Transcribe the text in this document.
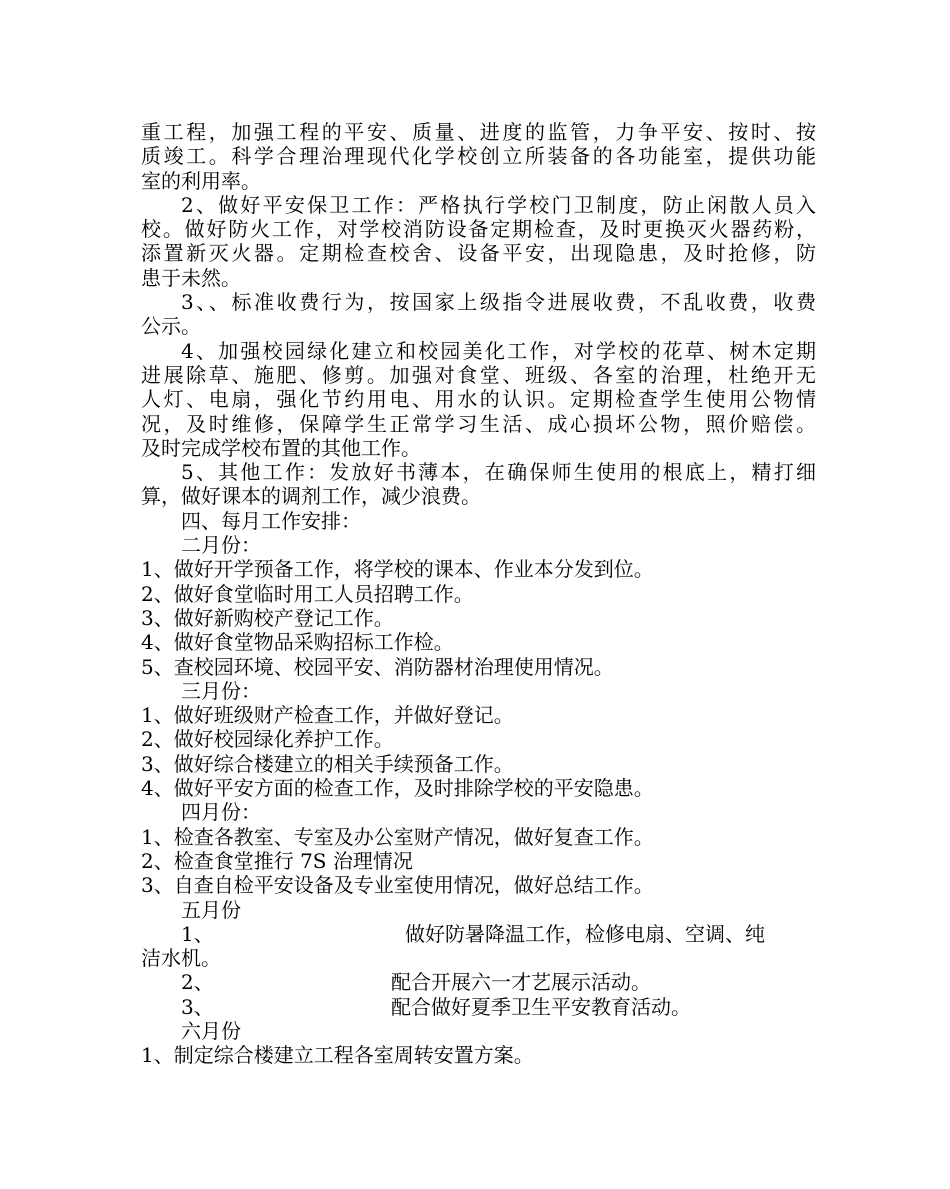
重工程，加强工程的平安、质量、进度的监管，力争平安、按时、按
质竣工。科学合理治理现代化学校创立所装备的各功能室，提供功能
室的利用率。
2、做好平安保卫工作：严格执行学校门卫制度，防止闲散人员入
校。做好防火工作，对学校消防设备定期检查，及时更换灭火器药粉，
添置新灭火器。定期检查校舍、设备平安，出现隐患，及时抢修，防
患于未然。
3、、标准收费行为，按国家上级指令进展收费，不乱收费，收费
公示。
4、加强校园绿化建立和校园美化工作，对学校的花草、树木定期
进展除草、施肥、修剪。加强对食堂、班级、各室的治理，杜绝开无
人灯、电扇，强化节约用电、用水的认识。定期检查学生使用公物情
况，及时维修，保障学生正常学习生活、成心损坏公物，照价赔偿。
及时完成学校布置的其他工作。
5、其他工作：发放好书薄本，在确保师生使用的根底上，精打细
算，做好课本的调剂工作，减少浪费。
四、每月工作安排：
二月份：
1、做好开学预备工作，将学校的课本、作业本分发到位。
2、做好食堂临时用工人员招聘工作。
3、做好新购校产登记工作。
4、做好食堂物品采购招标工作检。
5、查校园环境、校园平安、消防器材治理使用情况。
三月份：
1、做好班级财产检查工作，并做好登记。
2、做好校园绿化养护工作。
3、做好综合楼建立的相关手续预备工作。
4、做好平安方面的检查工作，及时排除学校的平安隐患。
四月份：
1、检查各教室、专室及办公室财产情况，做好复查工作。
2、检查食堂推行 7S 治理情况
3、自查自检平安设备及专业室使用情况，做好总结工作。
五月份
1、	做好防暑降温工作，检修电扇、空调、纯
洁水机。
2、	配合开展六一才艺展示活动。
3、	配合做好夏季卫生平安教育活动。
六月份
1、制定综合楼建立工程各室周转安置方案。
